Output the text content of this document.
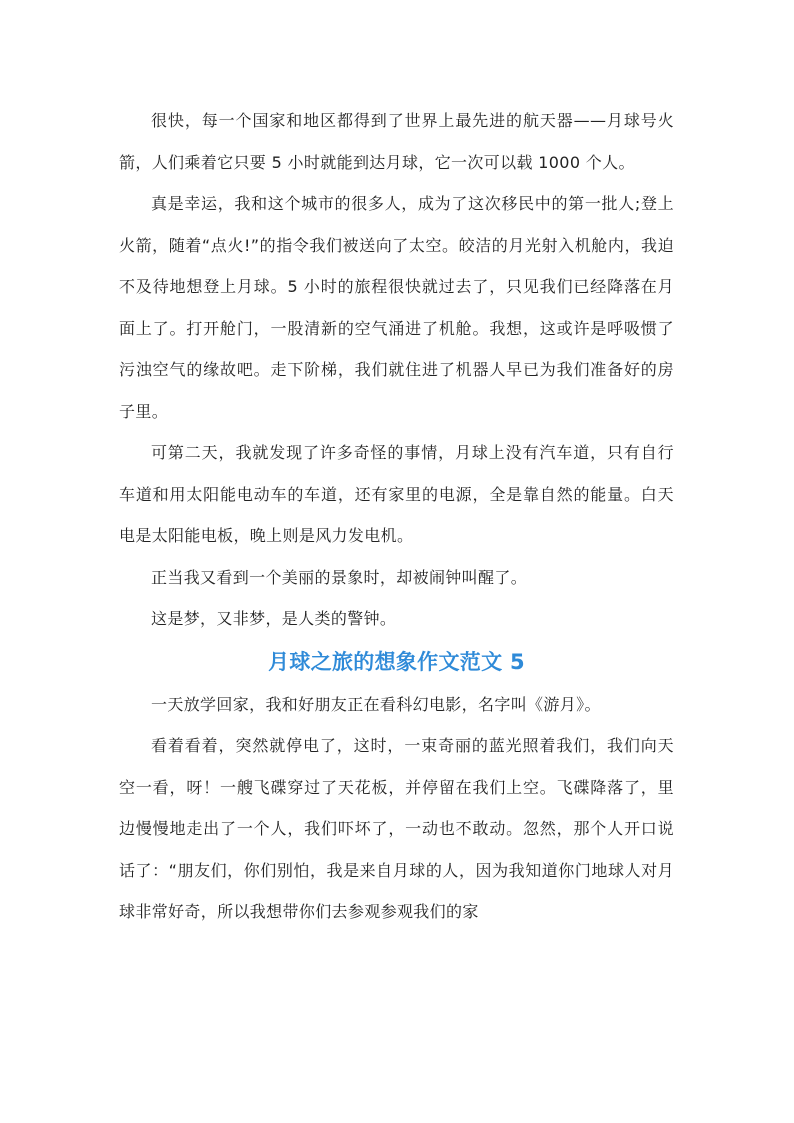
很快，每一个国家和地区都得到了世界上最先进的航天器——月球号火箭，人们乘着它只要 5 小时就能到达月球，它一次可以载 1000 个人。

真是幸运，我和这个城市的很多人，成为了这次移民中的第一批人;登上火箭，随着“点火!”的指令我们被送向了太空。皎洁的月光射入机舱内，我迫不及待地想登上月球。5 小时的旅程很快就过去了，只见我们已经降落在月面上了。打开舱门，一股清新的空气涌进了机舱。我想，这或许是呼吸惯了污浊空气的缘故吧。走下阶梯，我们就住进了机器人早已为我们准备好的房子里。

可第二天，我就发现了许多奇怪的事情，月球上没有汽车道，只有自行车道和用太阳能电动车的车道，还有家里的电源，全是靠自然的能量。白天电是太阳能电板，晚上则是风力发电机。

正当我又看到一个美丽的景象时，却被闹钟叫醒了。

这是梦，又非梦，是人类的警钟。

月球之旅的想象作文范文 5

一天放学回家，我和好朋友正在看科幻电影，名字叫《游月》。

看着看着，突然就停电了，这时，一束奇丽的蓝光照着我们，我们向天空一看，呀！一艘飞碟穿过了天花板，并停留在我们上空。飞碟降落了，里边慢慢地走出了一个人，我们吓坏了，一动也不敢动。忽然，那个人开口说话了：“朋友们，你们别怕，我是来自月球的人，因为我知道你门地球人对月球非常好奇，所以我想带你们去参观参观我们的家
